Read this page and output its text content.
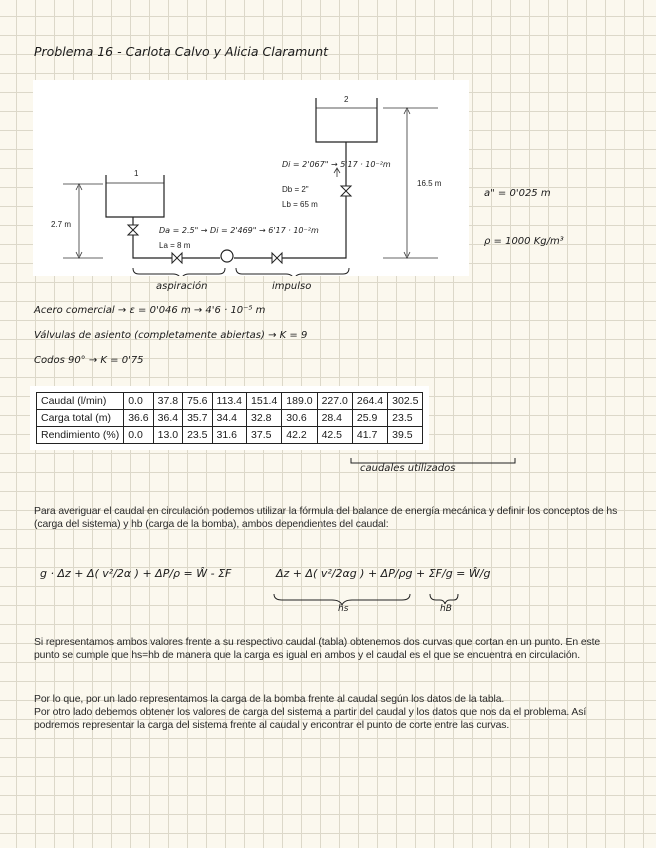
Problema 16 - Carlota Calvo y Alicia Claramunt
1
2
2.7 m
16.5 m
Da = 2.5" → Di = 2'469" → 6'17 · 10⁻²m
La = 8 m
Di = 2'067" → 5'17 · 10⁻²m
Db = 2"
Lb = 65 m
aspiración	impulso
a" = 0'025 m
ρ = 1000 Kg/m³
Acero comercial → ε = 0'046 m → 4'6 · 10⁻⁵ m
Válvulas de asiento (completamente abiertas) → K = 9
Codos 90° → K = 0'75
Caudal (l/min)	0.0	37.8	75.6	113.4	151.4	189.0	227.0	264.4	302.5
Carga total (m)	36.6	36.4	35.7	34.4	32.8	30.6	28.4	25.9	23.5
Rendimiento (%)	0.0	13.0	23.5	31.6	37.5	42.2	42.5	41.7	39.5
caudales utilizados
Para averiguar el caudal en circulación podemos utilizar la fórmula del balance de energía mecánica y definir los conceptos de hs (carga del sistema) y hb (carga de la bomba), ambos dependientes del caudal:
g · Δz + Δ( v²/2α ) + ΔP/ρ = Ŵ - ΣF	Δz + Δ( v²/2αg ) + ΔP/ρg + ΣF/g = Ŵ/g
hs	hB
Si representamos ambos valores frente a su respectivo caudal (tabla) obtenemos dos curvas que cortan en un punto. En este punto se cumple que hs=hb de manera que la carga es igual en ambos y el caudal es el que se encuentra en circulación.
Por lo que, por un lado representamos la carga de la bomba frente al caudal según los datos de la tabla.
Por otro lado debemos obtener los valores de carga del sistema a partir del caudal y los datos que nos da el problema. Así podremos representar la carga del sistema frente al caudal y encontrar el punto de corte entre las curvas.
